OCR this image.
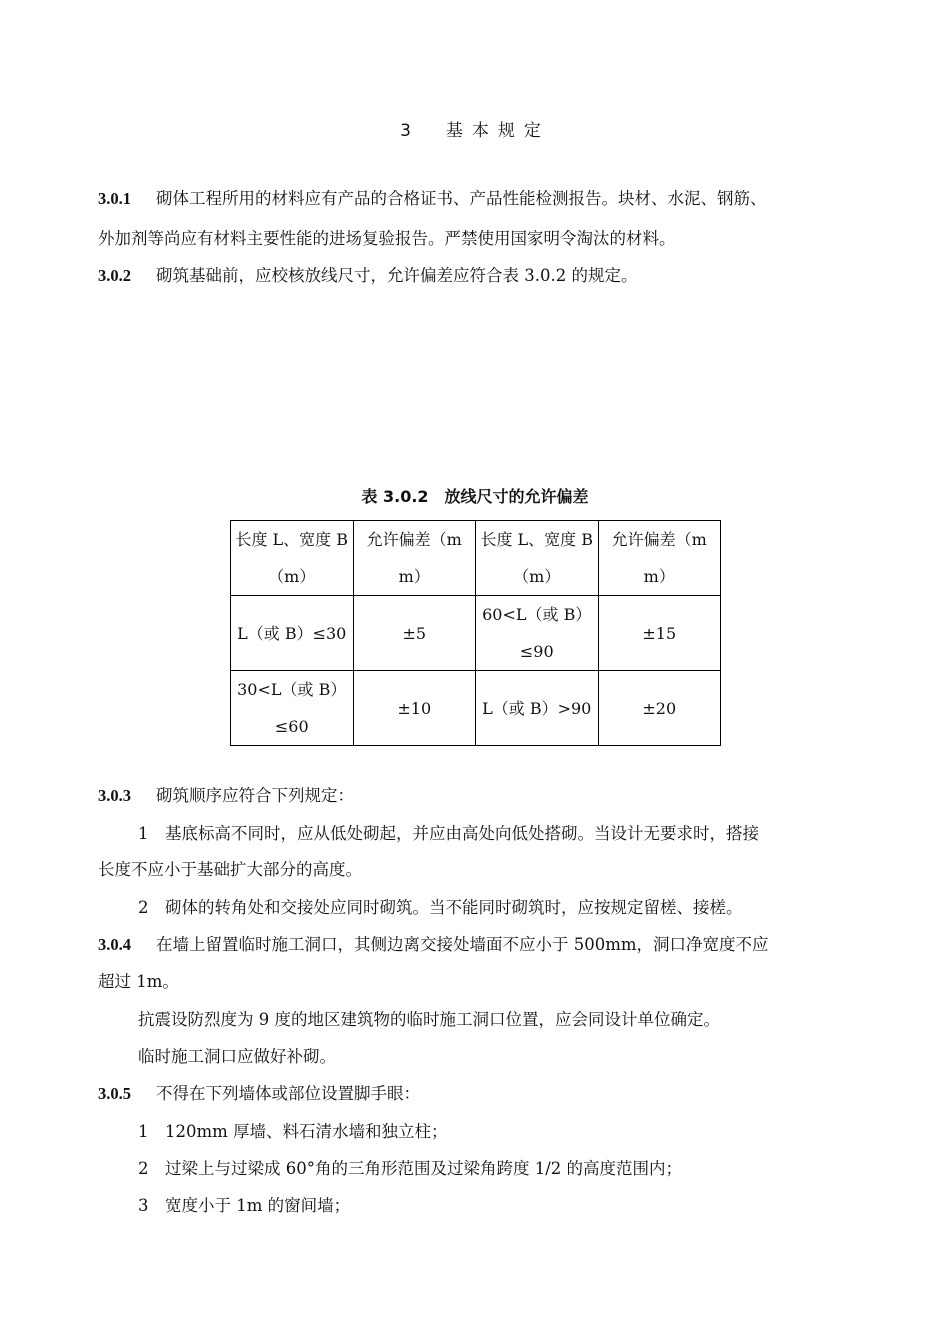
3　 基本规定
3.0.1 砌体工程所用的材料应有产品的合格证书、产品性能检测报告。块材、水泥、钢筋、
外加剂等尚应有材料主要性能的进场复验报告。严禁使用国家明令淘汰的材料。
3.0.2 砌筑基础前，应校核放线尺寸，允许偏差应符合表 3.0.2 的规定。
表 3.0.2　放线尺寸的允许偏差
长度 L、宽度 B（m）	允许偏差（mm）	长度 L、宽度 B（m）	允许偏差（mm）
L（或 B）≤30	±5	60<L（或 B）≤90	±15
30<L（或 B）≤60	±10	L（或 B）>90	±20
3.0.3 砌筑顺序应符合下列规定：
1　基底标高不同时，应从低处砌起，并应由高处向低处搭砌。当设计无要求时，搭接
长度不应小于基础扩大部分的高度。
2　砌体的转角处和交接处应同时砌筑。当不能同时砌筑时，应按规定留槎、接槎。
3.0.4 在墙上留置临时施工洞口，其侧边离交接处墙面不应小于 500mm，洞口净宽度不应
超过 1m。
抗震设防烈度为 9 度的地区建筑物的临时施工洞口位置，应会同设计单位确定。
临时施工洞口应做好补砌。
3.0.5 不得在下列墙体或部位设置脚手眼：
1　120mm 厚墙、料石清水墙和独立柱；
2　过梁上与过梁成 60°角的三角形范围及过梁角跨度 1/2 的高度范围内；
3　宽度小于 1m 的窗间墙；
